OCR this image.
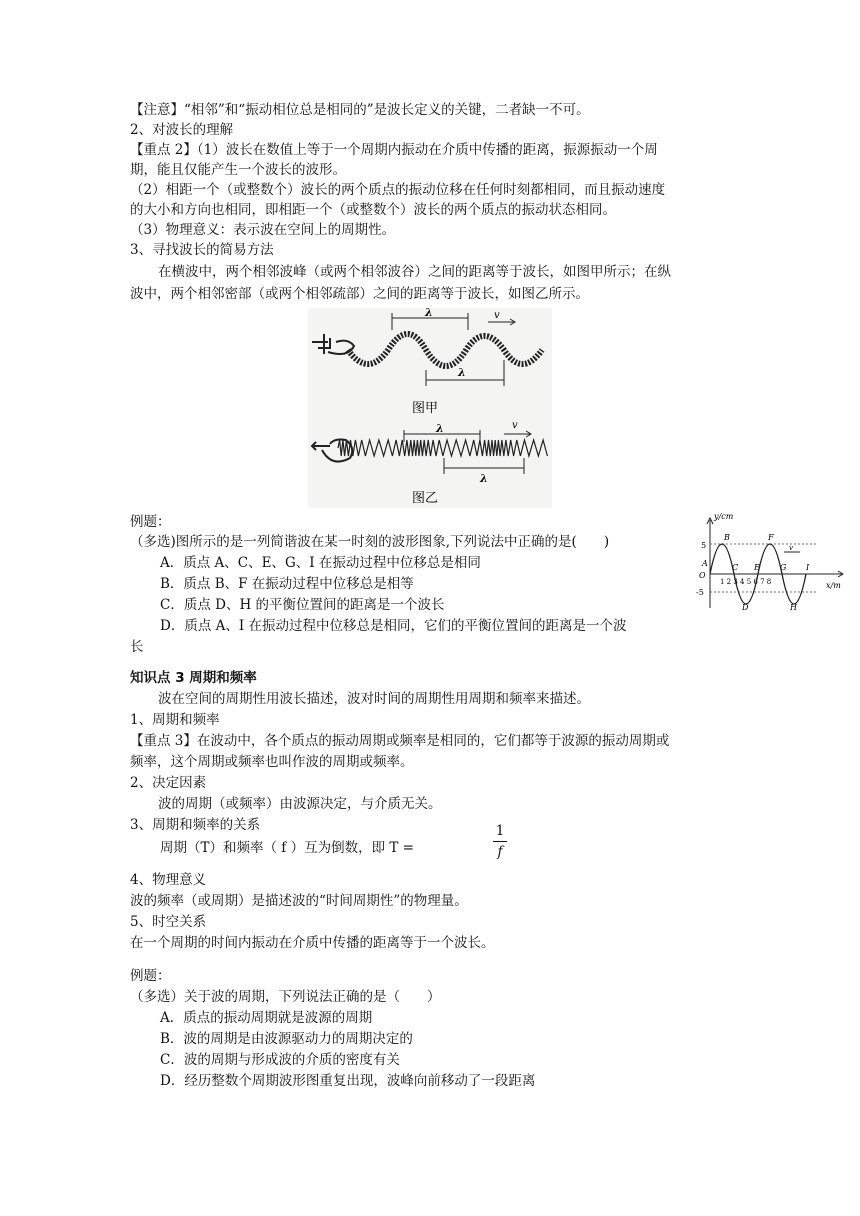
【注意】“相邻”和“振动相位总是相同的”是波长定义的关键，二者缺一不可。
2、对波长的理解
【重点 2】（1）波长在数值上等于一个周期内振动在介质中传播的距离，振源振动一个周
期，能且仅能产生一个波长的波形。
（2）相距一个（或整数个）波长的两个质点的振动位移在任何时刻都相同，而且振动速度
的大小和方向也相同，即相距一个（或整数个）波长的两个质点的振动状态相同。
（3）物理意义：表示波在空间上的周期性。
3、寻找波长的简易方法
在横波中，两个相邻波峰（或两个相邻波谷）之间的距离等于波长，如图甲所示；在纵
波中，两个相邻密部（或两个相邻疏部）之间的距离等于波长，如图乙所示。
λ	v
λ
图甲
λ	v
λ
图乙
例题：
（多选)图所示的是一列简谐波在某一时刻的波形图象,下列说法中正确的是(　　)
A．质点 A、C、E、G、I 在振动过程中位移总是相同
B．质点 B、F 在振动过程中位移总是相等
C．质点 D、H 的平衡位置间的距离是一个波长
D．质点 A、I 在振动过程中位移总是相同，它们的平衡位置间的距离是一个波
长
y/cm
x/m
5
-5
O
A
B
C
D
E
F
G
H
I
1 2 3 4 5 6 7 8
v
知识点 3 周期和频率
波在空间的周期性用波长描述，波对时间的周期性用周期和频率来描述。
1、周期和频率
【重点 3】在波动中，各个质点的振动周期或频率是相同的，它们都等于波源的振动周期或
频率，这个周期或频率也叫作波的周期或频率。
2、决定因素
波的周期（或频率）由波源决定，与介质无关。
3、周期和频率的关系
周期（T）和频率（ f ）互为倒数，即 T =
1
f
4、物理意义
波的频率（或周期）是描述波的“时间周期性”的物理量。
5、时空关系
在一个周期的时间内振动在介质中传播的距离等于一个波长。
例题：
（多选）关于波的周期，下列说法正确的是（　　）
A．质点的振动周期就是波源的周期
B．波的周期是由波源驱动力的周期决定的
C．波的周期与形成波的介质的密度有关
D．经历整数个周期波形图重复出现，波峰向前移动了一段距离
